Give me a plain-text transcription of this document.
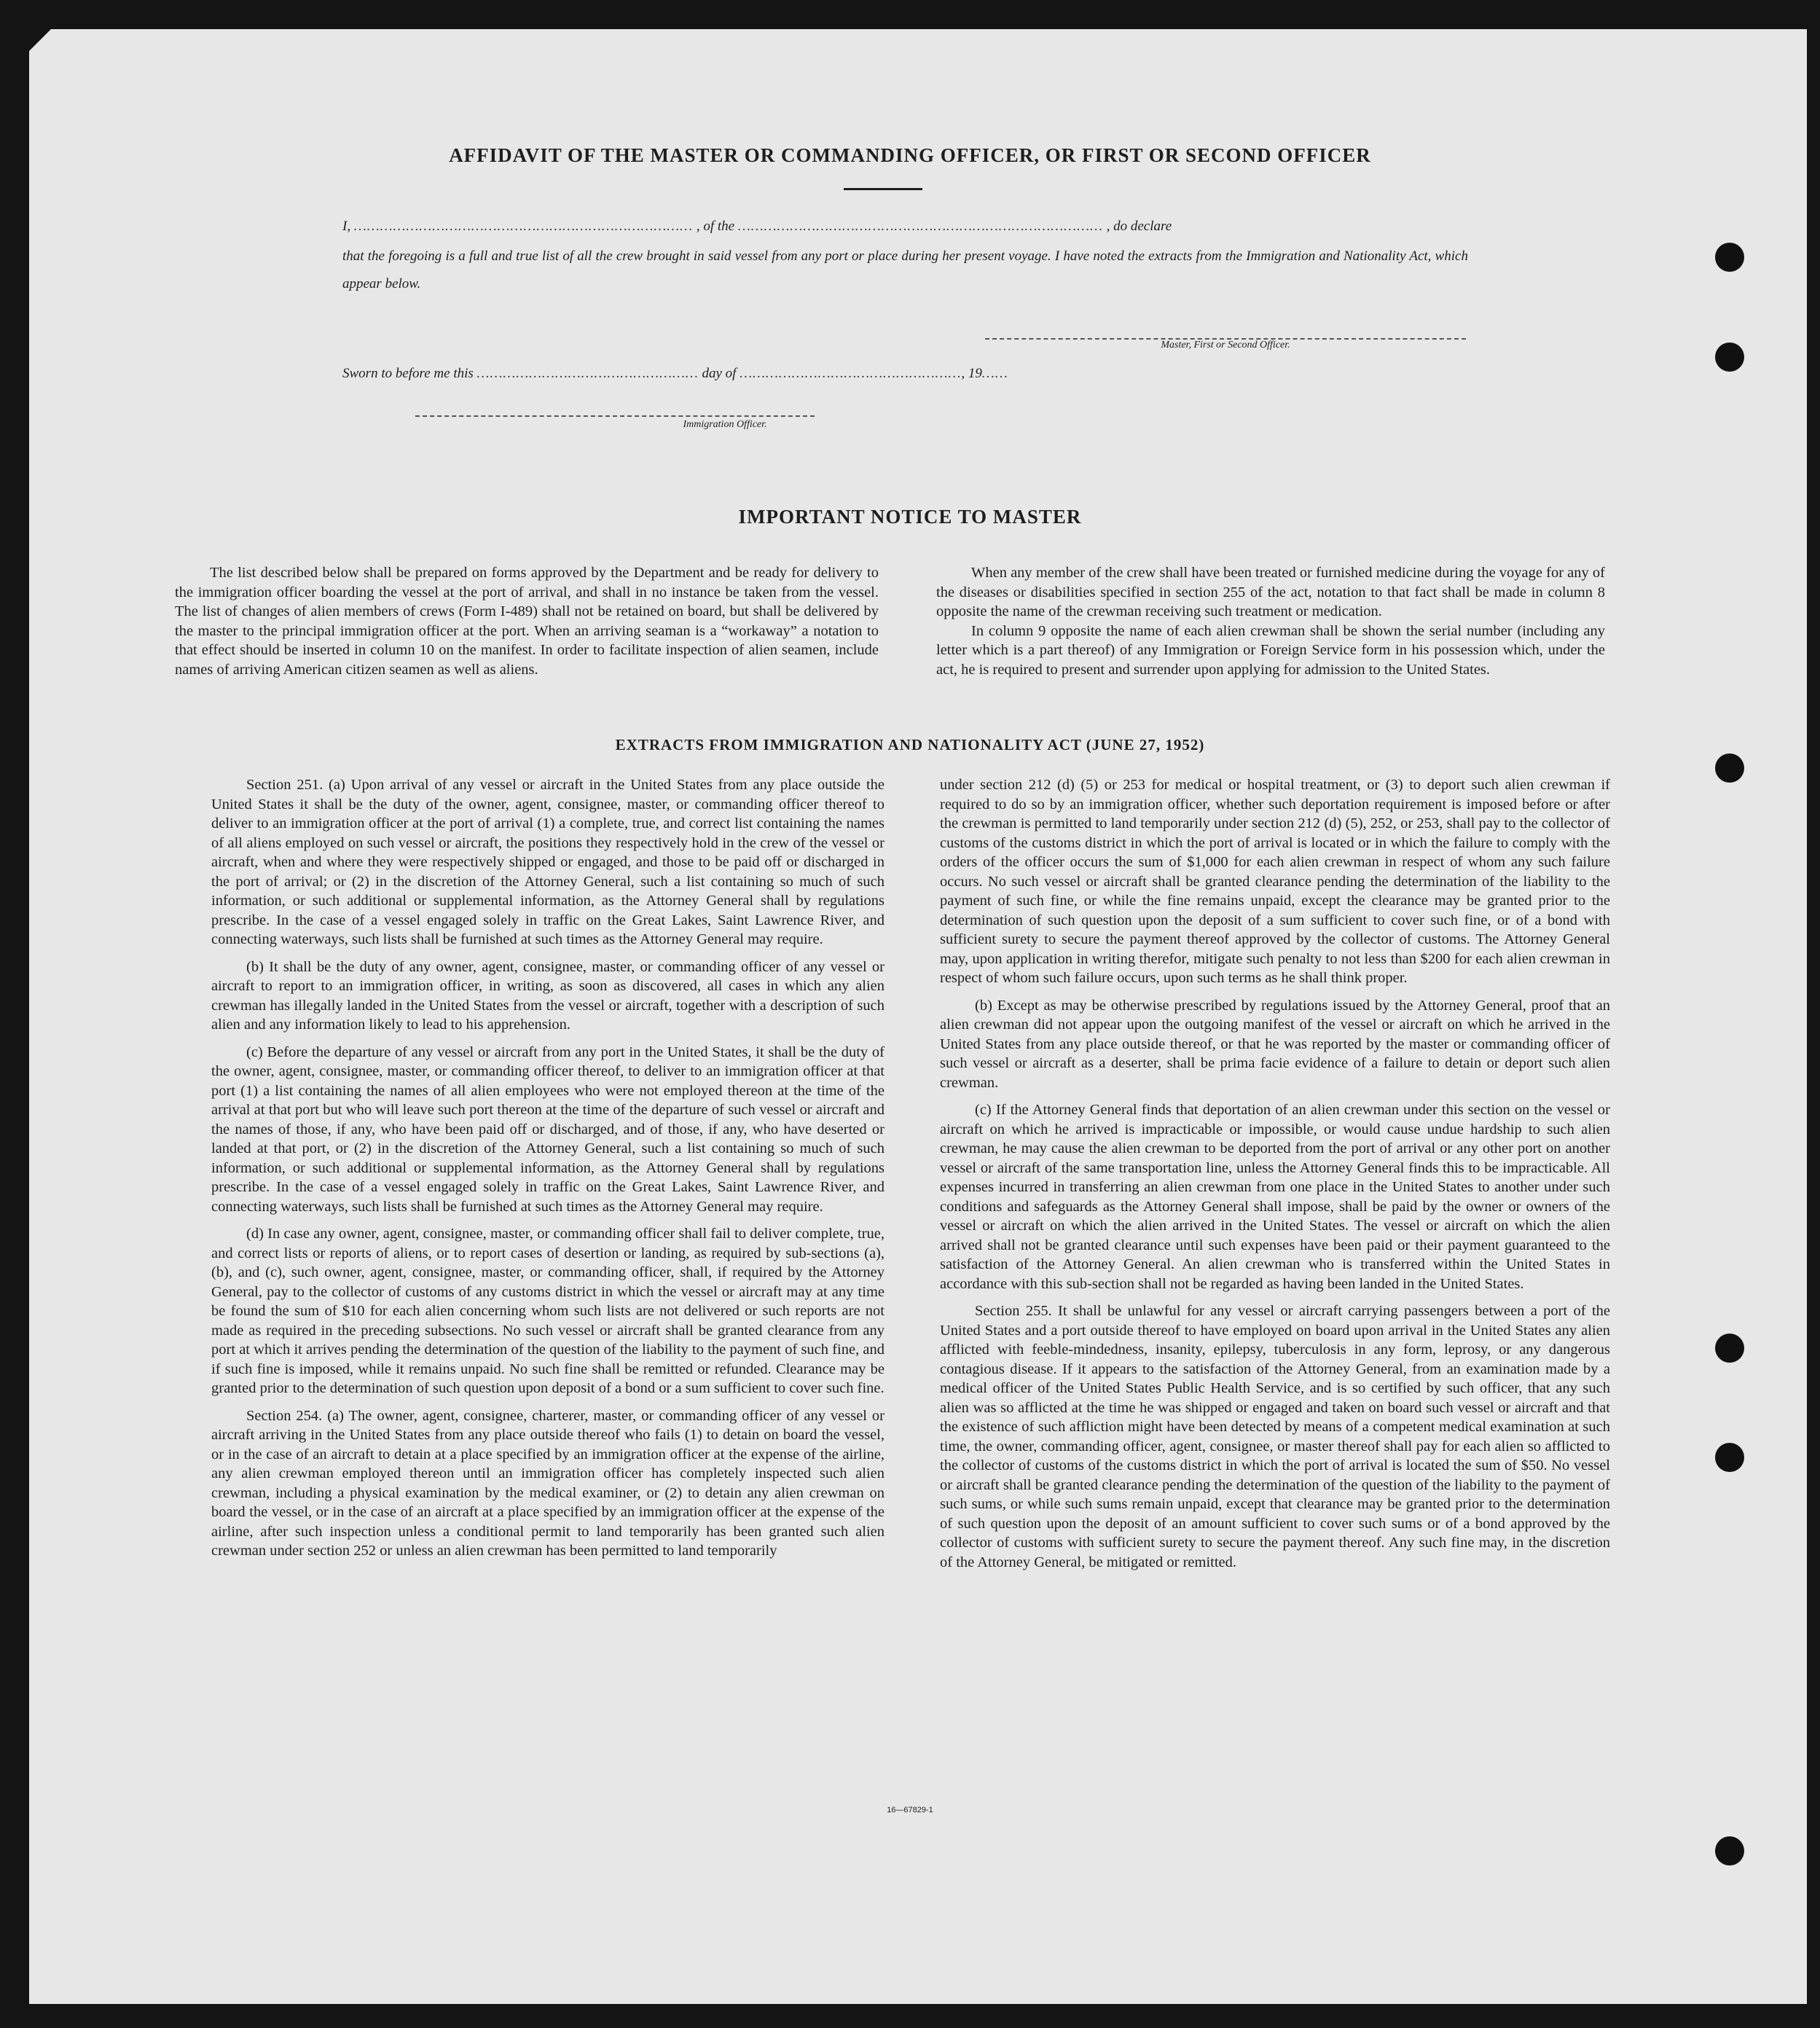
AFFIDAVIT OF THE MASTER OR COMMANDING OFFICER, OR FIRST OR SECOND OFFICER
I, …………………………………………………………………… , of the ………………………………………………………………………… , do declare
that the foregoing is a full and true list of all the crew brought in said vessel from any port or place during her present voyage. I have noted the extracts from the Immigration and Nationality Act, which appear below.
Master, First or Second Officer.
Sworn to before me this …………………………………………… day of ……………………………………………, 19……
Immigration Officer.
IMPORTANT NOTICE TO MASTER

The list described below shall be prepared on forms approved by the Department and be ready for delivery to the immigration officer boarding the vessel at the port of arrival, and shall in no instance be taken from the vessel. The list of changes of alien members of crews (Form I-489) shall not be retained on board, but shall be delivered by the master to the principal immigration officer at the port. When an arriving seaman is a “workaway” a notation to that effect should be inserted in column 10 on the manifest. In order to facilitate inspection of alien seamen, include names of arriving American citizen seamen as well as aliens.

When any member of the crew shall have been treated or furnished medicine during the voyage for any of the diseases or disabilities specified in section 255 of the act, notation to that fact shall be made in column 8 opposite the name of the crewman receiving such treatment or medication.

In column 9 opposite the name of each alien crewman shall be shown the serial number (including any letter which is a part thereof) of any Immigration or Foreign Service form in his possession which, under the act, he is required to present and surrender upon applying for admission to the United States.

EXTRACTS FROM IMMIGRATION AND NATIONALITY ACT (JUNE 27, 1952)

Section 251. (a) Upon arrival of any vessel or aircraft in the United States from any place outside the United States it shall be the duty of the owner, agent, consignee, master, or commanding officer thereof to deliver to an immigration officer at the port of arrival (1) a complete, true, and correct list containing the names of all aliens employed on such vessel or aircraft, the positions they respectively hold in the crew of the vessel or aircraft, when and where they were respectively shipped or engaged, and those to be paid off or discharged in the port of arrival; or (2) in the discretion of the Attorney General, such a list containing so much of such information, or such additional or supplemental information, as the Attorney General shall by regulations prescribe. In the case of a vessel engaged solely in traffic on the Great Lakes, Saint Lawrence River, and connecting waterways, such lists shall be furnished at such times as the Attorney General may require.

(b) It shall be the duty of any owner, agent, consignee, master, or commanding officer of any vessel or aircraft to report to an immigration officer, in writing, as soon as discovered, all cases in which any alien crewman has illegally landed in the United States from the vessel or aircraft, together with a description of such alien and any information likely to lead to his apprehension.

(c) Before the departure of any vessel or aircraft from any port in the United States, it shall be the duty of the owner, agent, consignee, master, or commanding officer thereof, to deliver to an immigration officer at that port (1) a list containing the names of all alien employees who were not employed thereon at the time of the arrival at that port but who will leave such port thereon at the time of the departure of such vessel or aircraft and the names of those, if any, who have been paid off or discharged, and of those, if any, who have deserted or landed at that port, or (2) in the discretion of the Attorney General, such a list containing so much of such information, or such additional or supplemental information, as the Attorney General shall by regulations prescribe. In the case of a vessel engaged solely in traffic on the Great Lakes, Saint Lawrence River, and connecting waterways, such lists shall be furnished at such times as the Attorney General may require.

(d) In case any owner, agent, consignee, master, or commanding officer shall fail to deliver complete, true, and correct lists or reports of aliens, or to report cases of desertion or landing, as required by sub-sections (a), (b), and (c), such owner, agent, consignee, master, or commanding officer, shall, if required by the Attorney General, pay to the collector of customs of any customs district in which the vessel or aircraft may at any time be found the sum of $10 for each alien concerning whom such lists are not delivered or such reports are not made as required in the preceding subsections. No such vessel or aircraft shall be granted clearance from any port at which it arrives pending the determination of the question of the liability to the payment of such fine, and if such fine is imposed, while it remains unpaid. No such fine shall be remitted or refunded. Clearance may be granted prior to the determination of such question upon deposit of a bond or a sum sufficient to cover such fine.

Section 254. (a) The owner, agent, consignee, charterer, master, or commanding officer of any vessel or aircraft arriving in the United States from any place outside thereof who fails (1) to detain on board the vessel, or in the case of an aircraft to detain at a place specified by an immigration officer at the expense of the airline, any alien crewman employed thereon until an immigration officer has completely inspected such alien crewman, including a physical examination by the medical examiner, or (2) to detain any alien crewman on board the vessel, or in the case of an aircraft at a place specified by an immigration officer at the expense of the airline, after such inspection unless a conditional permit to land temporarily has been granted such alien crewman under section 252 or unless an alien crewman has been permitted to land temporarily

under section 212 (d) (5) or 253 for medical or hospital treatment, or (3) to deport such alien crewman if required to do so by an immigration officer, whether such deportation requirement is imposed before or after the crewman is permitted to land temporarily under section 212 (d) (5), 252, or 253, shall pay to the collector of customs of the customs district in which the port of arrival is located or in which the failure to comply with the orders of the officer occurs the sum of $1,000 for each alien crewman in respect of whom any such failure occurs. No such vessel or aircraft shall be granted clearance pending the determination of the liability to the payment of such fine, or while the fine remains unpaid, except the clearance may be granted prior to the determination of such question upon the deposit of a sum sufficient to cover such fine, or of a bond with sufficient surety to secure the payment thereof approved by the collector of customs. The Attorney General may, upon application in writing therefor, mitigate such penalty to not less than $200 for each alien crewman in respect of whom such failure occurs, upon such terms as he shall think proper.

(b) Except as may be otherwise prescribed by regulations issued by the Attorney General, proof that an alien crewman did not appear upon the outgoing manifest of the vessel or aircraft on which he arrived in the United States from any place outside thereof, or that he was reported by the master or commanding officer of such vessel or aircraft as a deserter, shall be prima facie evidence of a failure to detain or deport such alien crewman.

(c) If the Attorney General finds that deportation of an alien crewman under this section on the vessel or aircraft on which he arrived is impracticable or impossible, or would cause undue hardship to such alien crewman, he may cause the alien crewman to be deported from the port of arrival or any other port on another vessel or aircraft of the same transportation line, unless the Attorney General finds this to be impracticable. All expenses incurred in transferring an alien crewman from one place in the United States to another under such conditions and safeguards as the Attorney General shall impose, shall be paid by the owner or owners of the vessel or aircraft on which the alien arrived in the United States. The vessel or aircraft on which the alien arrived shall not be granted clearance until such expenses have been paid or their payment guaranteed to the satisfaction of the Attorney General. An alien crewman who is transferred within the United States in accordance with this sub-section shall not be regarded as having been landed in the United States.

Section 255. It shall be unlawful for any vessel or aircraft carrying passengers between a port of the United States and a port outside thereof to have employed on board upon arrival in the United States any alien afflicted with feeble-mindedness, insanity, epilepsy, tuberculosis in any form, leprosy, or any dangerous contagious disease. If it appears to the satisfaction of the Attorney General, from an examination made by a medical officer of the United States Public Health Service, and is so certified by such officer, that any such alien was so afflicted at the time he was shipped or engaged and taken on board such vessel or aircraft and that the existence of such affliction might have been detected by means of a competent medical examination at such time, the owner, commanding officer, agent, consignee, or master thereof shall pay for each alien so afflicted to the collector of customs of the customs district in which the port of arrival is located the sum of $50. No vessel or aircraft shall be granted clearance pending the determination of the question of the liability to the payment of such sums, or while such sums remain unpaid, except that clearance may be granted prior to the determination of such question upon the deposit of an amount sufficient to cover such sums or of a bond approved by the collector of customs with sufficient surety to secure the payment thereof. Any such fine may, in the discretion of the Attorney General, be mitigated or remitted.

16—67829-1
